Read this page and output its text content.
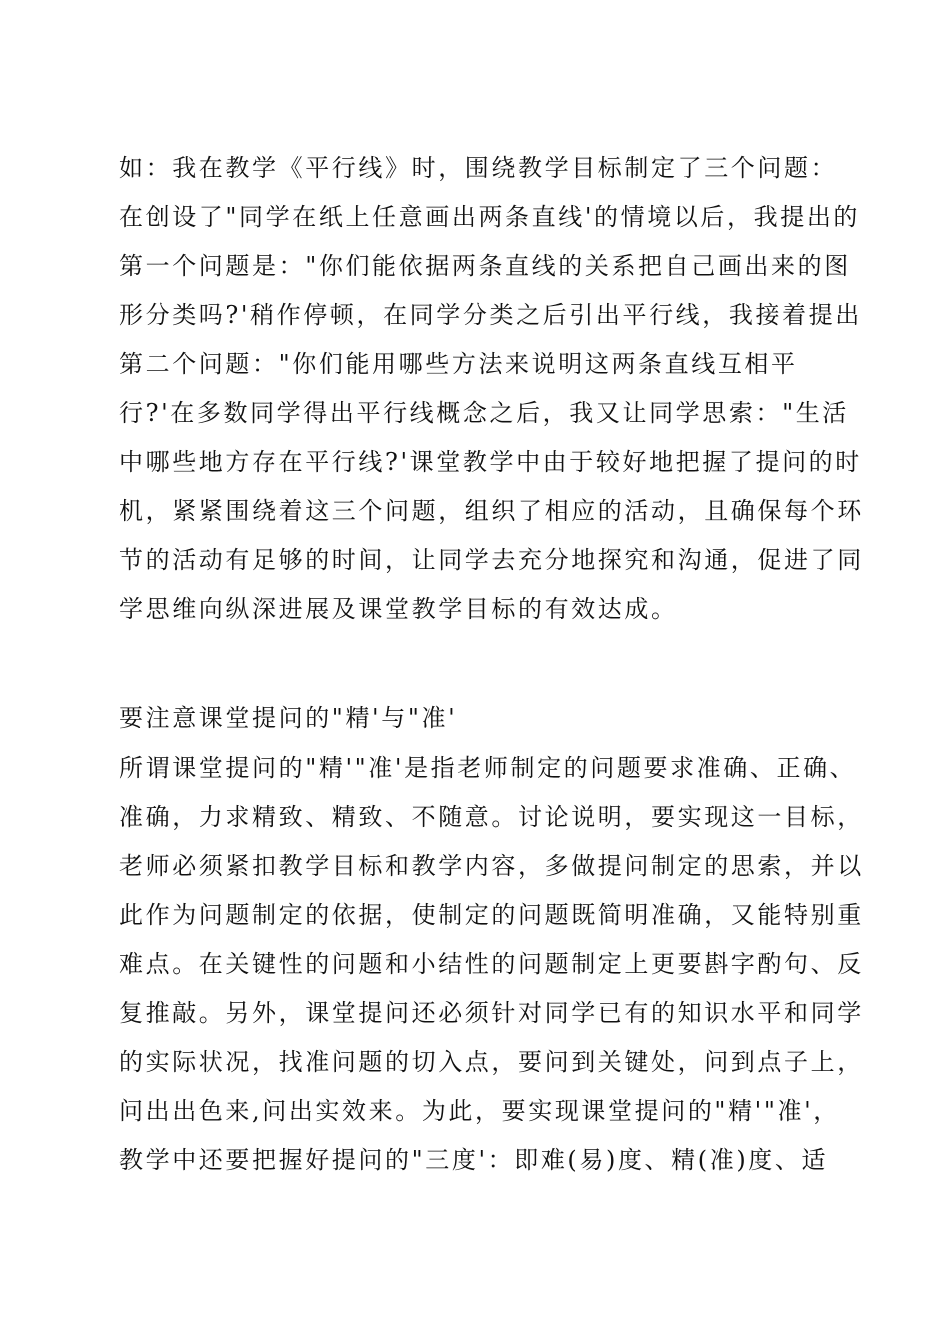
如：我在教学《平行线》时，围绕教学目标制定了三个问题：
在创设了"同学在纸上任意画出两条直线'的情境以后，我提出的
第一个问题是："你们能依据两条直线的关系把自己画出来的图
形分类吗?'稍作停顿，在同学分类之后引出平行线，我接着提出
第二个问题："你们能用哪些方法来说明这两条直线互相平
行?'在多数同学得出平行线概念之后，我又让同学思索："生活
中哪些地方存在平行线?'课堂教学中由于较好地把握了提问的时
机，紧紧围绕着这三个问题，组织了相应的活动，且确保每个环
节的活动有足够的时间，让同学去充分地探究和沟通，促进了同
学思维向纵深进展及课堂教学目标的有效达成。
要注意课堂提问的"精'与"准'
所谓课堂提问的"精'"准'是指老师制定的问题要求准确、正确、
准确，力求精致、精致、不随意。讨论说明，要实现这一目标，
老师必须紧扣教学目标和教学内容，多做提问制定的思索，并以
此作为问题制定的依据，使制定的问题既简明准确，又能特别重
难点。在关键性的问题和小结性的问题制定上更要斟字酌句、反
复推敲。另外，课堂提问还必须针对同学已有的知识水平和同学
的实际状况，找准问题的切入点，要问到关键处，问到点子上，
问出出色来,问出实效来。为此，要实现课堂提问的"精'"准'，
教学中还要把握好提问的"三度'：即难(易)度、精(准)度、适
